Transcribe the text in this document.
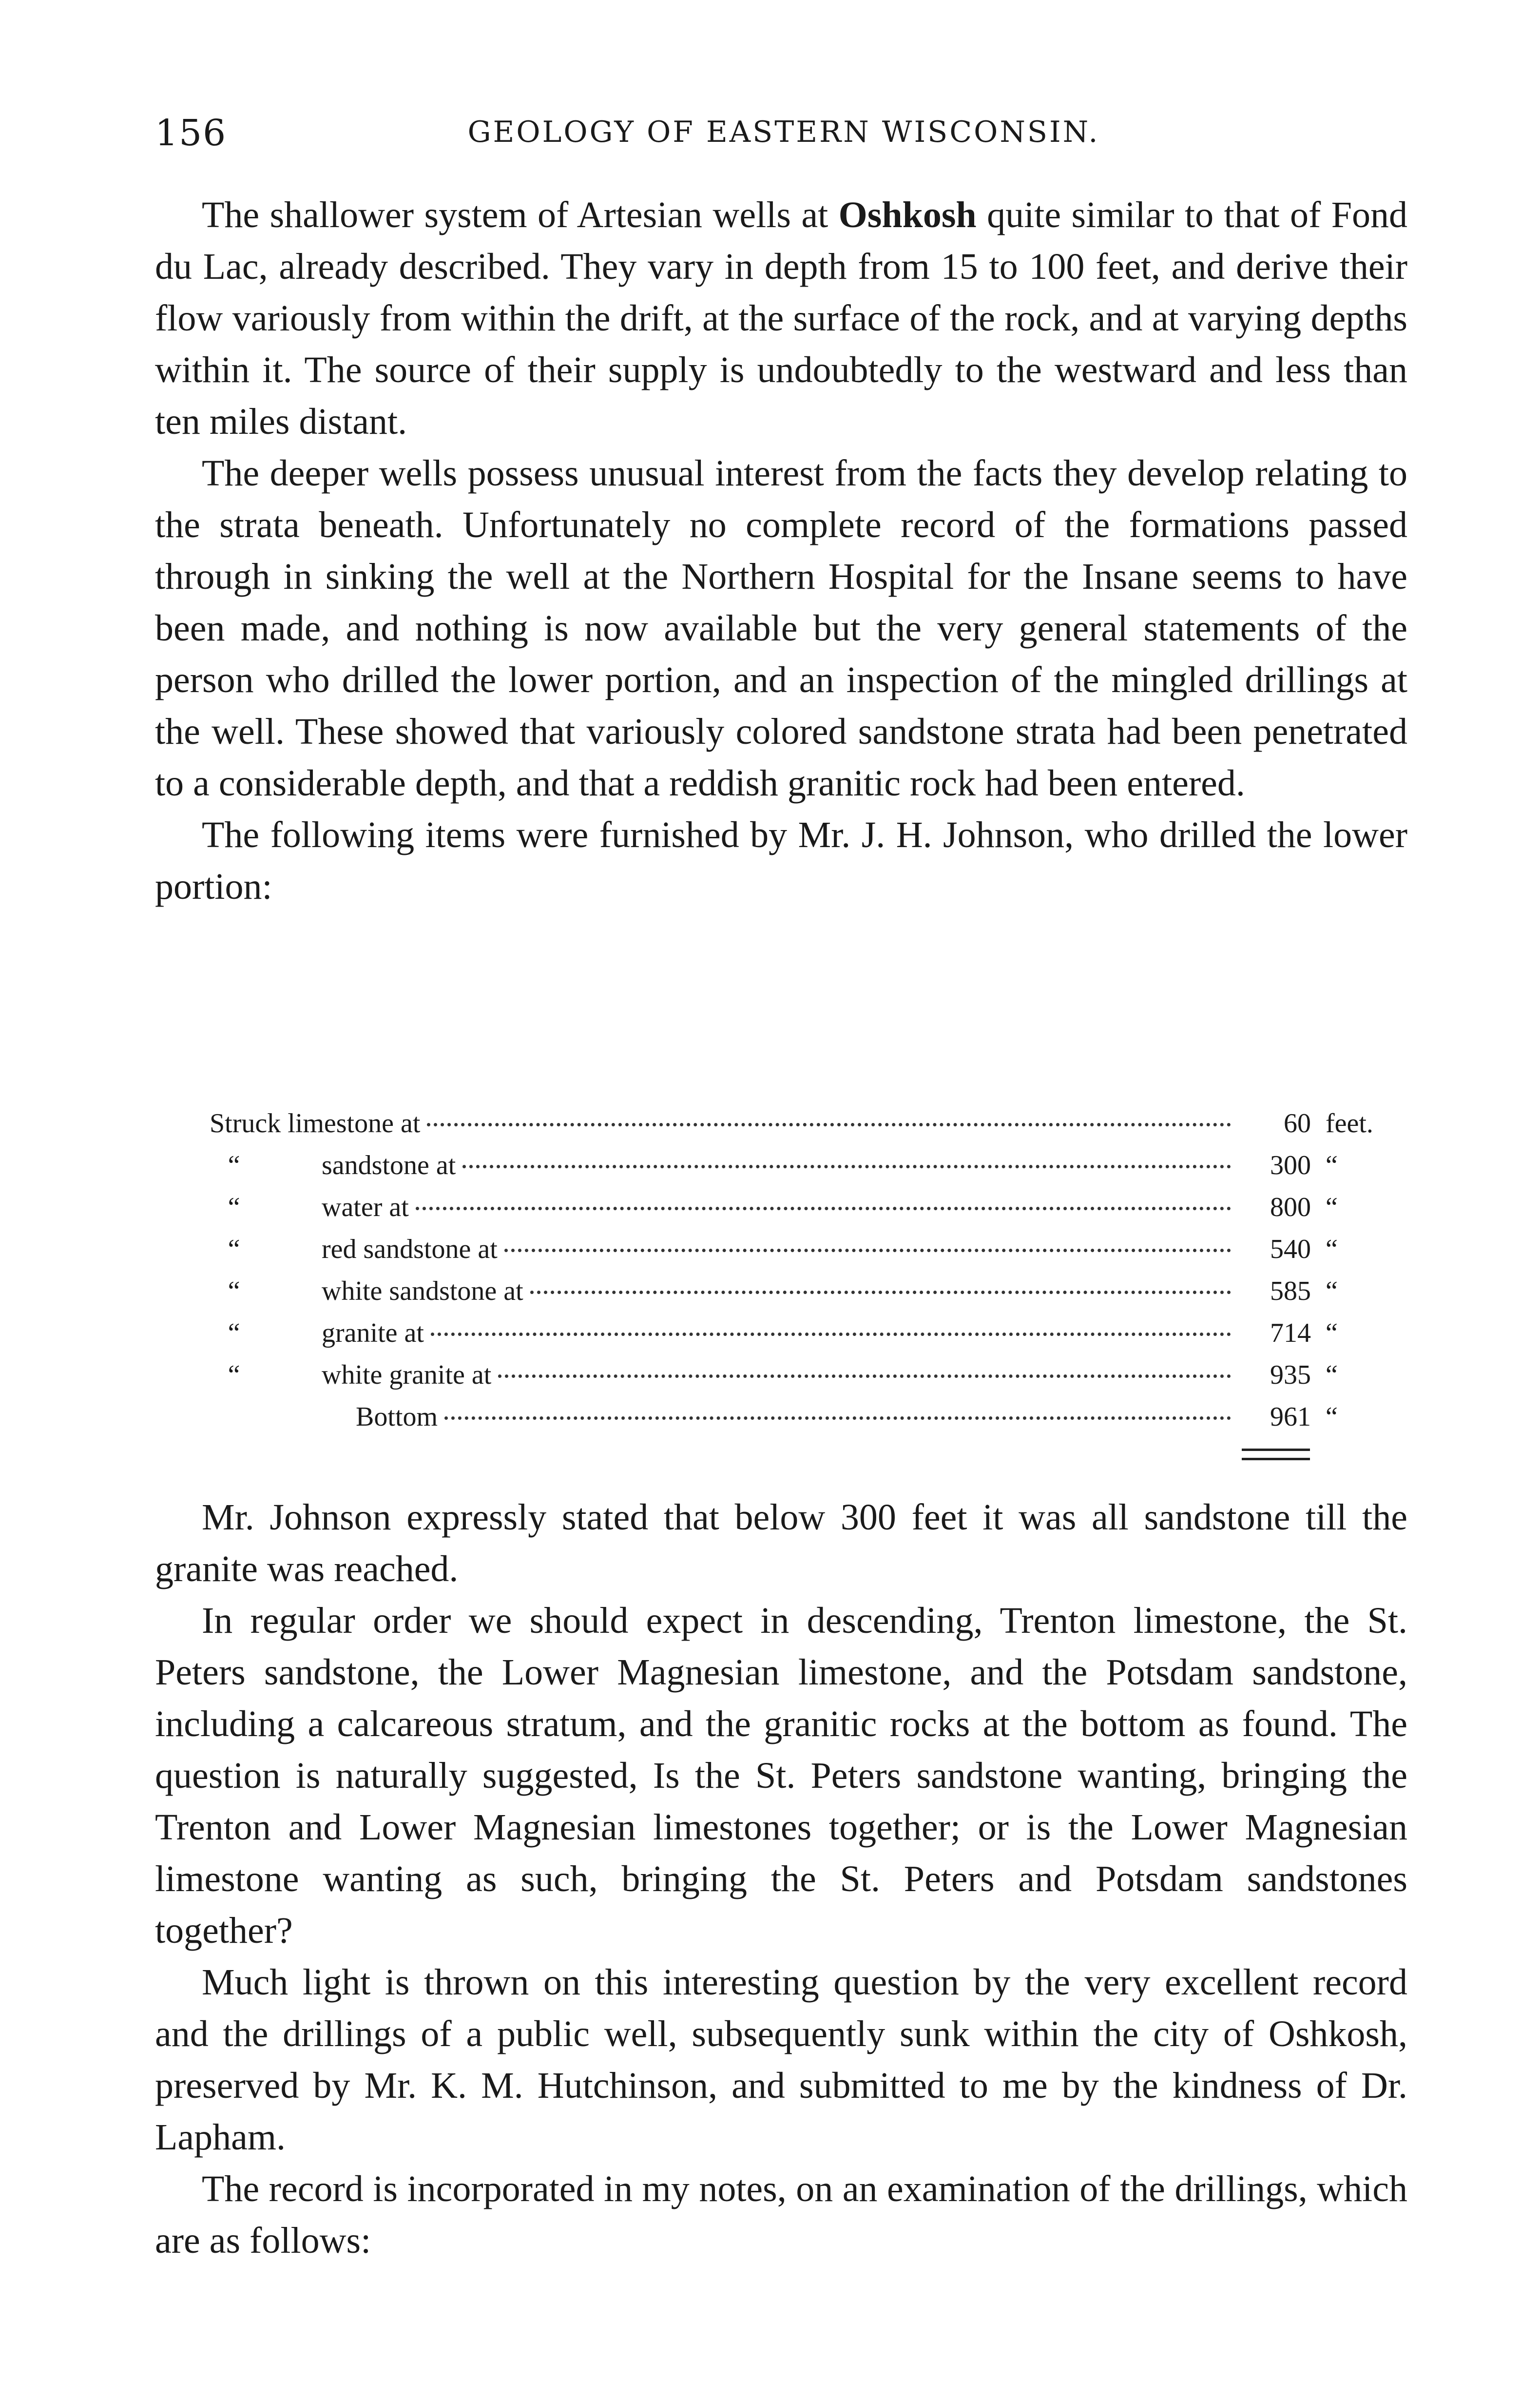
156	GEOLOGY OF EASTERN WISCONSIN.

The shallower system of Artesian wells at Oshkosh quite similar to that of Fond du Lac, already described. They vary in depth from 15 to 100 feet, and derive their flow variously from within the drift, at the surface of the rock, and at varying depths within it. The source of their supply is undoubtedly to the westward and less than ten miles distant.

The deeper wells possess unusual interest from the facts they develop relating to the strata beneath. Unfortunately no complete record of the formations passed through in sinking the well at the Northern Hospital for the Insane seems to have been made, and nothing is now available but the very general statements of the person who drilled the lower portion, and an inspection of the mingled drillings at the well. These showed that variously colored sandstone strata had been penetrated to a considerable depth, and that a reddish granitic rock had been entered.

The following items were furnished by Mr. J. H. Johnson, who drilled the lower portion:

Struck limestone at	60 feet.
“	sandstone at	300 “
“	water at	800 “
“	red sandstone at	540 “
“	white sandstone at	585 “
“	granite at	714 “
“	white granite at	935 “
Bottom	961 “

Mr. Johnson expressly stated that below 300 feet it was all sandstone till the granite was reached.

In regular order we should expect in descending, Trenton limestone, the St. Peters sandstone, the Lower Magnesian limestone, and the Potsdam sandstone, including a calcareous stratum, and the granitic rocks at the bottom as found. The question is naturally suggested, Is the St. Peters sandstone wanting, bringing the Trenton and Lower Magnesian limestones together; or is the Lower Magnesian limestone wanting as such, bringing the St. Peters and Potsdam sandstones together?

Much light is thrown on this interesting question by the very excellent record and the drillings of a public well, subsequently sunk within the city of Oshkosh, preserved by Mr. K. M. Hutchinson, and submitted to me by the kindness of Dr. Lapham.

The record is incorporated in my notes, on an examination of the drillings, which are as follows:
